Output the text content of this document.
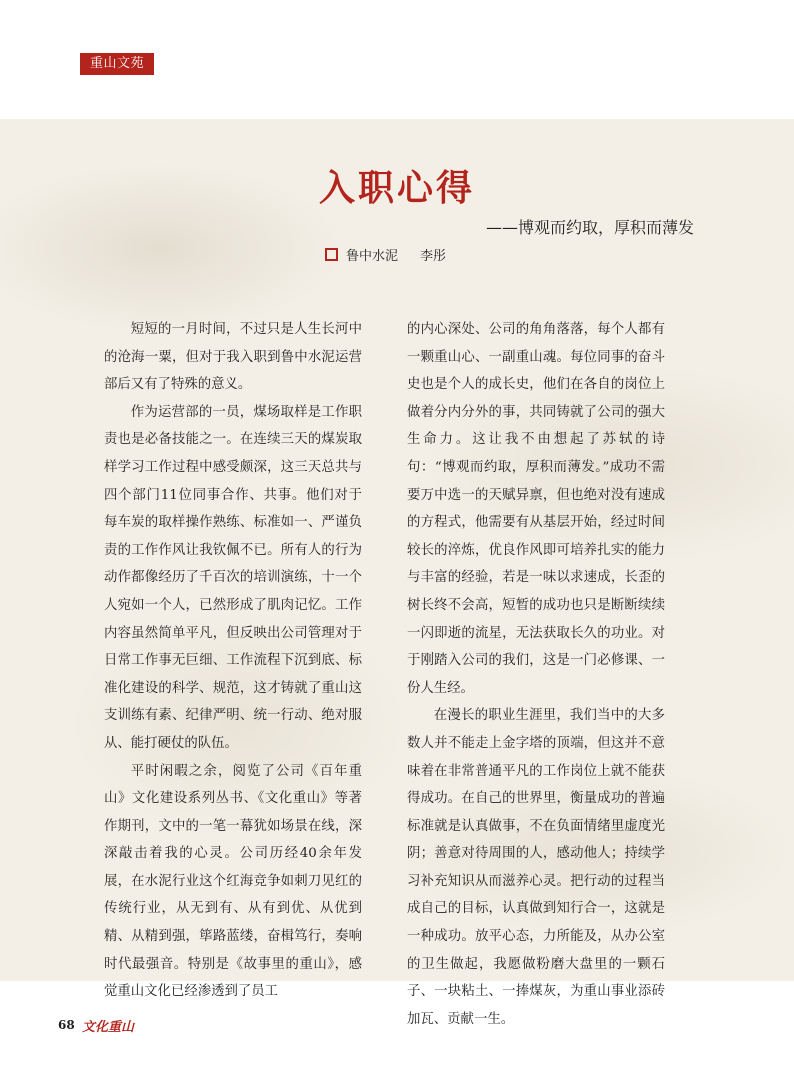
重山文苑
入职心得
——博观而约取，厚积而薄发
鲁中水泥 李彤

短短的一月时间，不过只是人生长河中的沧海一粟，但对于我入职到鲁中水泥运营部后又有了特殊的意义。

作为运营部的一员，煤场取样是工作职责也是必备技能之一。在连续三天的煤炭取样学习工作过程中感受颇深，这三天总共与四个部门11位同事合作、共事。他们对于每车炭的取样操作熟练、标准如一、严谨负责的工作作风让我钦佩不已。所有人的行为动作都像经历了千百次的培训演练，十一个人宛如一个人，已然形成了肌肉记忆。工作内容虽然简单平凡，但反映出公司管理对于日常工作事无巨细、工作流程下沉到底、标准化建设的科学、规范，这才铸就了重山这支训练有素、纪律严明、统一行动、绝对服从、能打硬仗的队伍。

平时闲暇之余，阅览了公司《百年重山》文化建设系列丛书、《文化重山》等著作期刊，文中的一笔一幕犹如场景在线，深深敲击着我的心灵。公司历经40余年发展，在水泥行业这个红海竞争如刺刀见红的传统行业，从无到有、从有到优、从优到精、从精到强，筚路蓝缕，奋楫笃行，奏响时代最强音。特别是《故事里的重山》，感觉重山文化已经渗透到了员工

的内心深处、公司的角角落落，每个人都有一颗重山心、一副重山魂。每位同事的奋斗史也是个人的成长史，他们在各自的岗位上做着分内分外的事，共同铸就了公司的强大生命力。这让我不由想起了苏轼的诗句：“博观而约取，厚积而薄发。”成功不需要万中选一的天赋异禀，但也绝对没有速成的方程式，他需要有从基层开始，经过时间较长的淬炼，优良作风即可培养扎实的能力与丰富的经验，若是一味以求速成，长歪的树长终不会高，短暂的成功也只是断断续续一闪即逝的流星，无法获取长久的功业。对于刚踏入公司的我们，这是一门必修课、一份人生经。

在漫长的职业生涯里，我们当中的大多数人并不能走上金字塔的顶端，但这并不意味着在非常普通平凡的工作岗位上就不能获得成功。在自己的世界里，衡量成功的普遍标准就是认真做事，不在负面情绪里虚度光阴；善意对待周围的人，感动他人；持续学习补充知识从而滋养心灵。把行动的过程当成自己的目标，认真做到知行合一，这就是一种成功。放平心态，力所能及，从办公室的卫生做起，我愿做粉磨大盘里的一颗石子、一块粘土、一捧煤灰，为重山事业添砖加瓦、贡献一生。

68 文化重山
